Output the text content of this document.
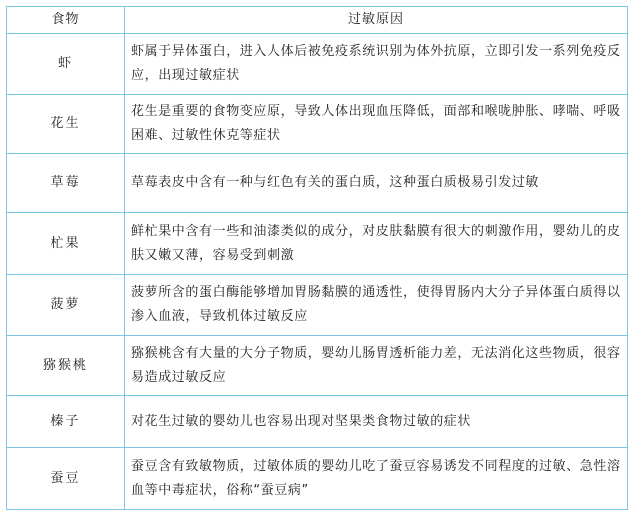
食物	过敏原因
虾	虾属于异体蛋白，进入人体后被免疫系统识别为体外抗原，立即引发一系列免疫反应，出现过敏症状
花生	花生是重要的食物变应原，导致人体出现血压降低，面部和喉咙肿胀、哮喘、呼吸困难、过敏性休克等症状
草莓	草莓表皮中含有一种与红色有关的蛋白质，这种蛋白质极易引发过敏
杧果	鲜杧果中含有一些和油漆类似的成分，对皮肤黏膜有很大的刺激作用，婴幼儿的皮肤又嫩又薄，容易受到刺激
菠萝	菠萝所含的蛋白酶能够增加胃肠黏膜的通透性，使得胃肠内大分子异体蛋白质得以渗入血液，导致机体过敏反应
猕猴桃	猕猴桃含有大量的大分子物质，婴幼儿肠胃透析能力差，无法消化这些物质，很容易造成过敏反应
榛子	对花生过敏的婴幼儿也容易出现对坚果类食物过敏的症状
蚕豆	蚕豆含有致敏物质，过敏体质的婴幼儿吃了蚕豆容易诱发不同程度的过敏、急性溶血等中毒症状，俗称“蚕豆病”
